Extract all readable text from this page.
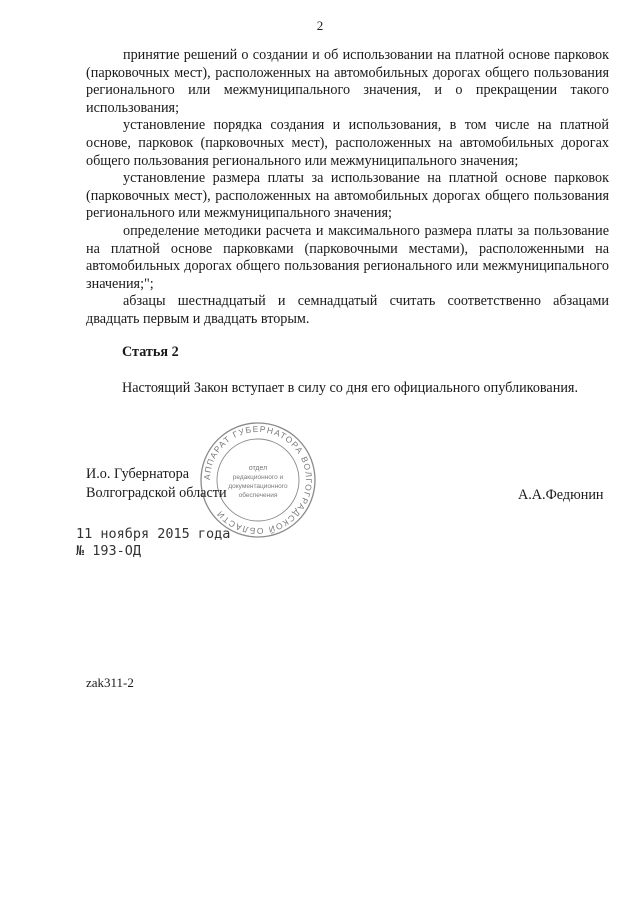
2

принятие решений о создании и об использовании на платной основе парковок (парковочных мест), расположенных на автомобильных дорогах общего пользования регионального или межмуниципального значения, и о прекращении такого использования;

установление порядка создания и использования, в том числе на платной основе, парковок (парковочных мест), расположенных на автомобильных дорогах общего пользования регионального или межмуниципального значения;

установление размера платы за использование на платной основе парковок (парковочных мест), расположенных на автомобильных дорогах общего пользования регионального или межмуниципального значения;

определение методики расчета и максимального размера платы за пользование на платной основе парковками (парковочными местами), расположенными на автомобильных дорогах общего пользования регионального или межмуниципального значения;";

абзацы шестнадцатый и семнадцатый считать соответственно абзацами двадцать первым и двадцать вторым.

Статья 2
Настоящий Закон вступает в силу со дня его официального опубликования.
АППАРАТ ГУБЕРНАТОРА ВОЛГОГРАДСКОЙ ОБЛАСТИ
отдел
редакционного и
документационного
обеспечения
И.о. Губернатора
Волгоградской области	А.А.Федюнин
11 ноября 2015 года
№ 193-ОД
zak311-2
